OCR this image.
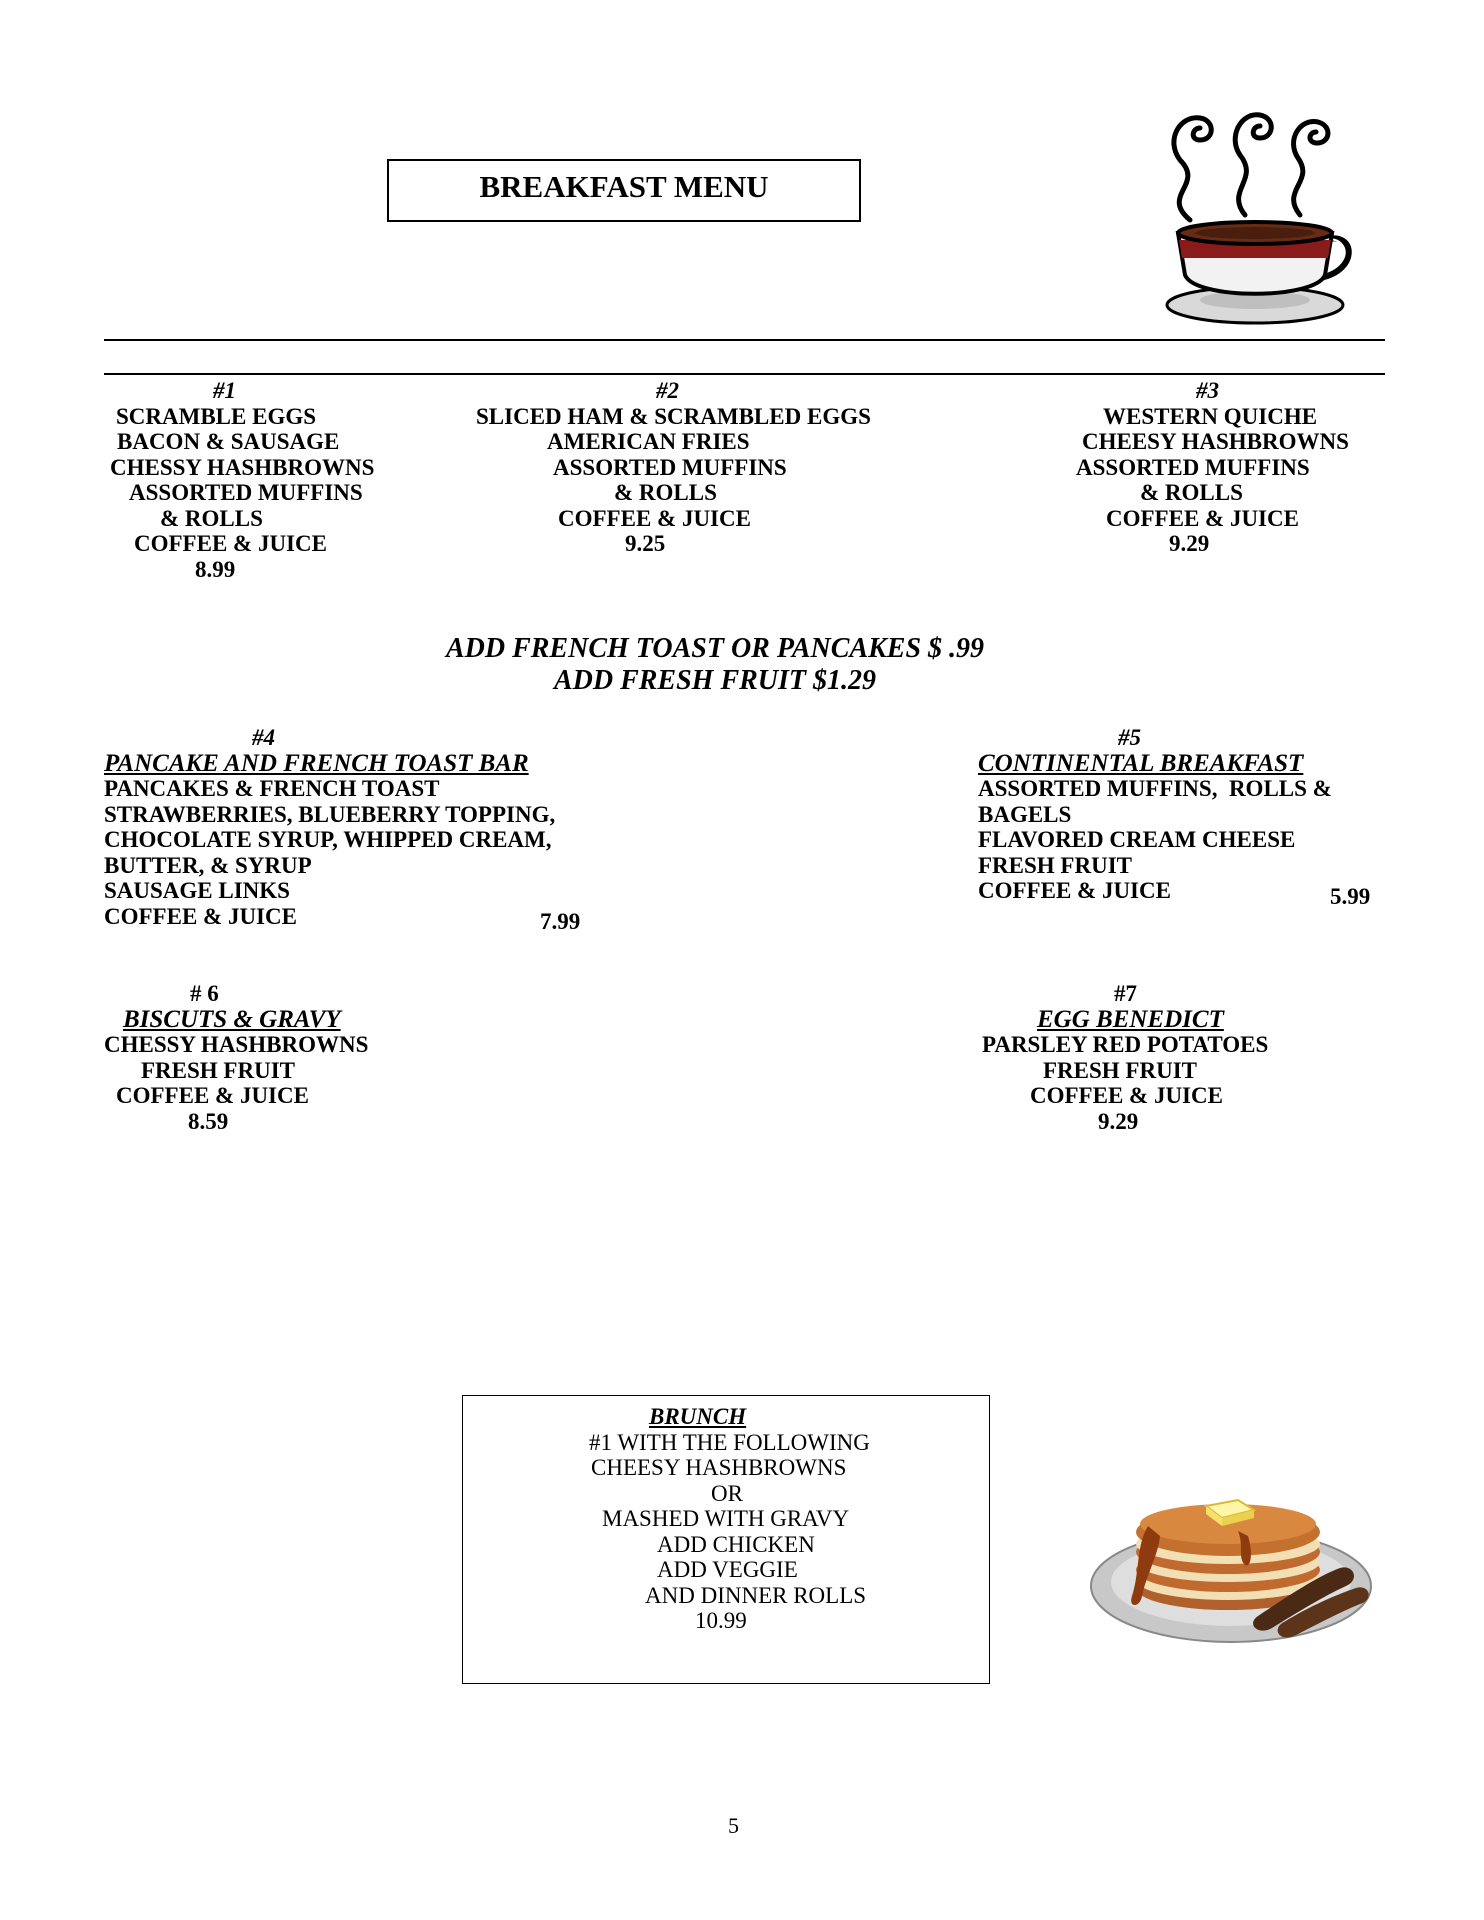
BREAKFAST MENU
#1
SCRAMBLE EGGS
BACON & SAUSAGE
CHESSY HASHBROWNS
ASSORTED MUFFINS
& ROLLS
COFFEE & JUICE
8.99
#2
SLICED HAM & SCRAMBLED EGGS
AMERICAN FRIES
ASSORTED MUFFINS
& ROLLS
COFFEE & JUICE
9.25
#3
WESTERN QUICHE
CHEESY HASHBROWNS
ASSORTED MUFFINS
& ROLLS
COFFEE & JUICE
9.29
ADD FRENCH TOAST OR PANCAKES $ .99
ADD FRESH FRUIT $1.29
#4
PANCAKE AND FRENCH TOAST BAR
PANCAKES & FRENCH TOAST
STRAWBERRIES, BLUEBERRY TOPPING,
CHOCOLATE SYRUP, WHIPPED CREAM,
BUTTER, & SYRUP
SAUSAGE LINKS
COFFEE & JUICE	7.99
#5
CONTINENTAL BREAKFAST
ASSORTED MUFFINS,  ROLLS &
BAGELS
FLAVORED CREAM CHEESE
FRESH FRUIT
COFFEE & JUICE	5.99
# 6
BISCUTS & GRAVY
CHESSY HASHBROWNS
FRESH FRUIT
COFFEE & JUICE
8.59
#7
EGG BENEDICT
PARSLEY RED POTATOES
FRESH FRUIT
COFFEE & JUICE
9.29
BRUNCH
#1 WITH THE FOLLOWING
CHEESY HASHBROWNS
OR
MASHED WITH GRAVY
ADD CHICKEN
ADD VEGGIE
AND DINNER ROLLS
10.99
5
